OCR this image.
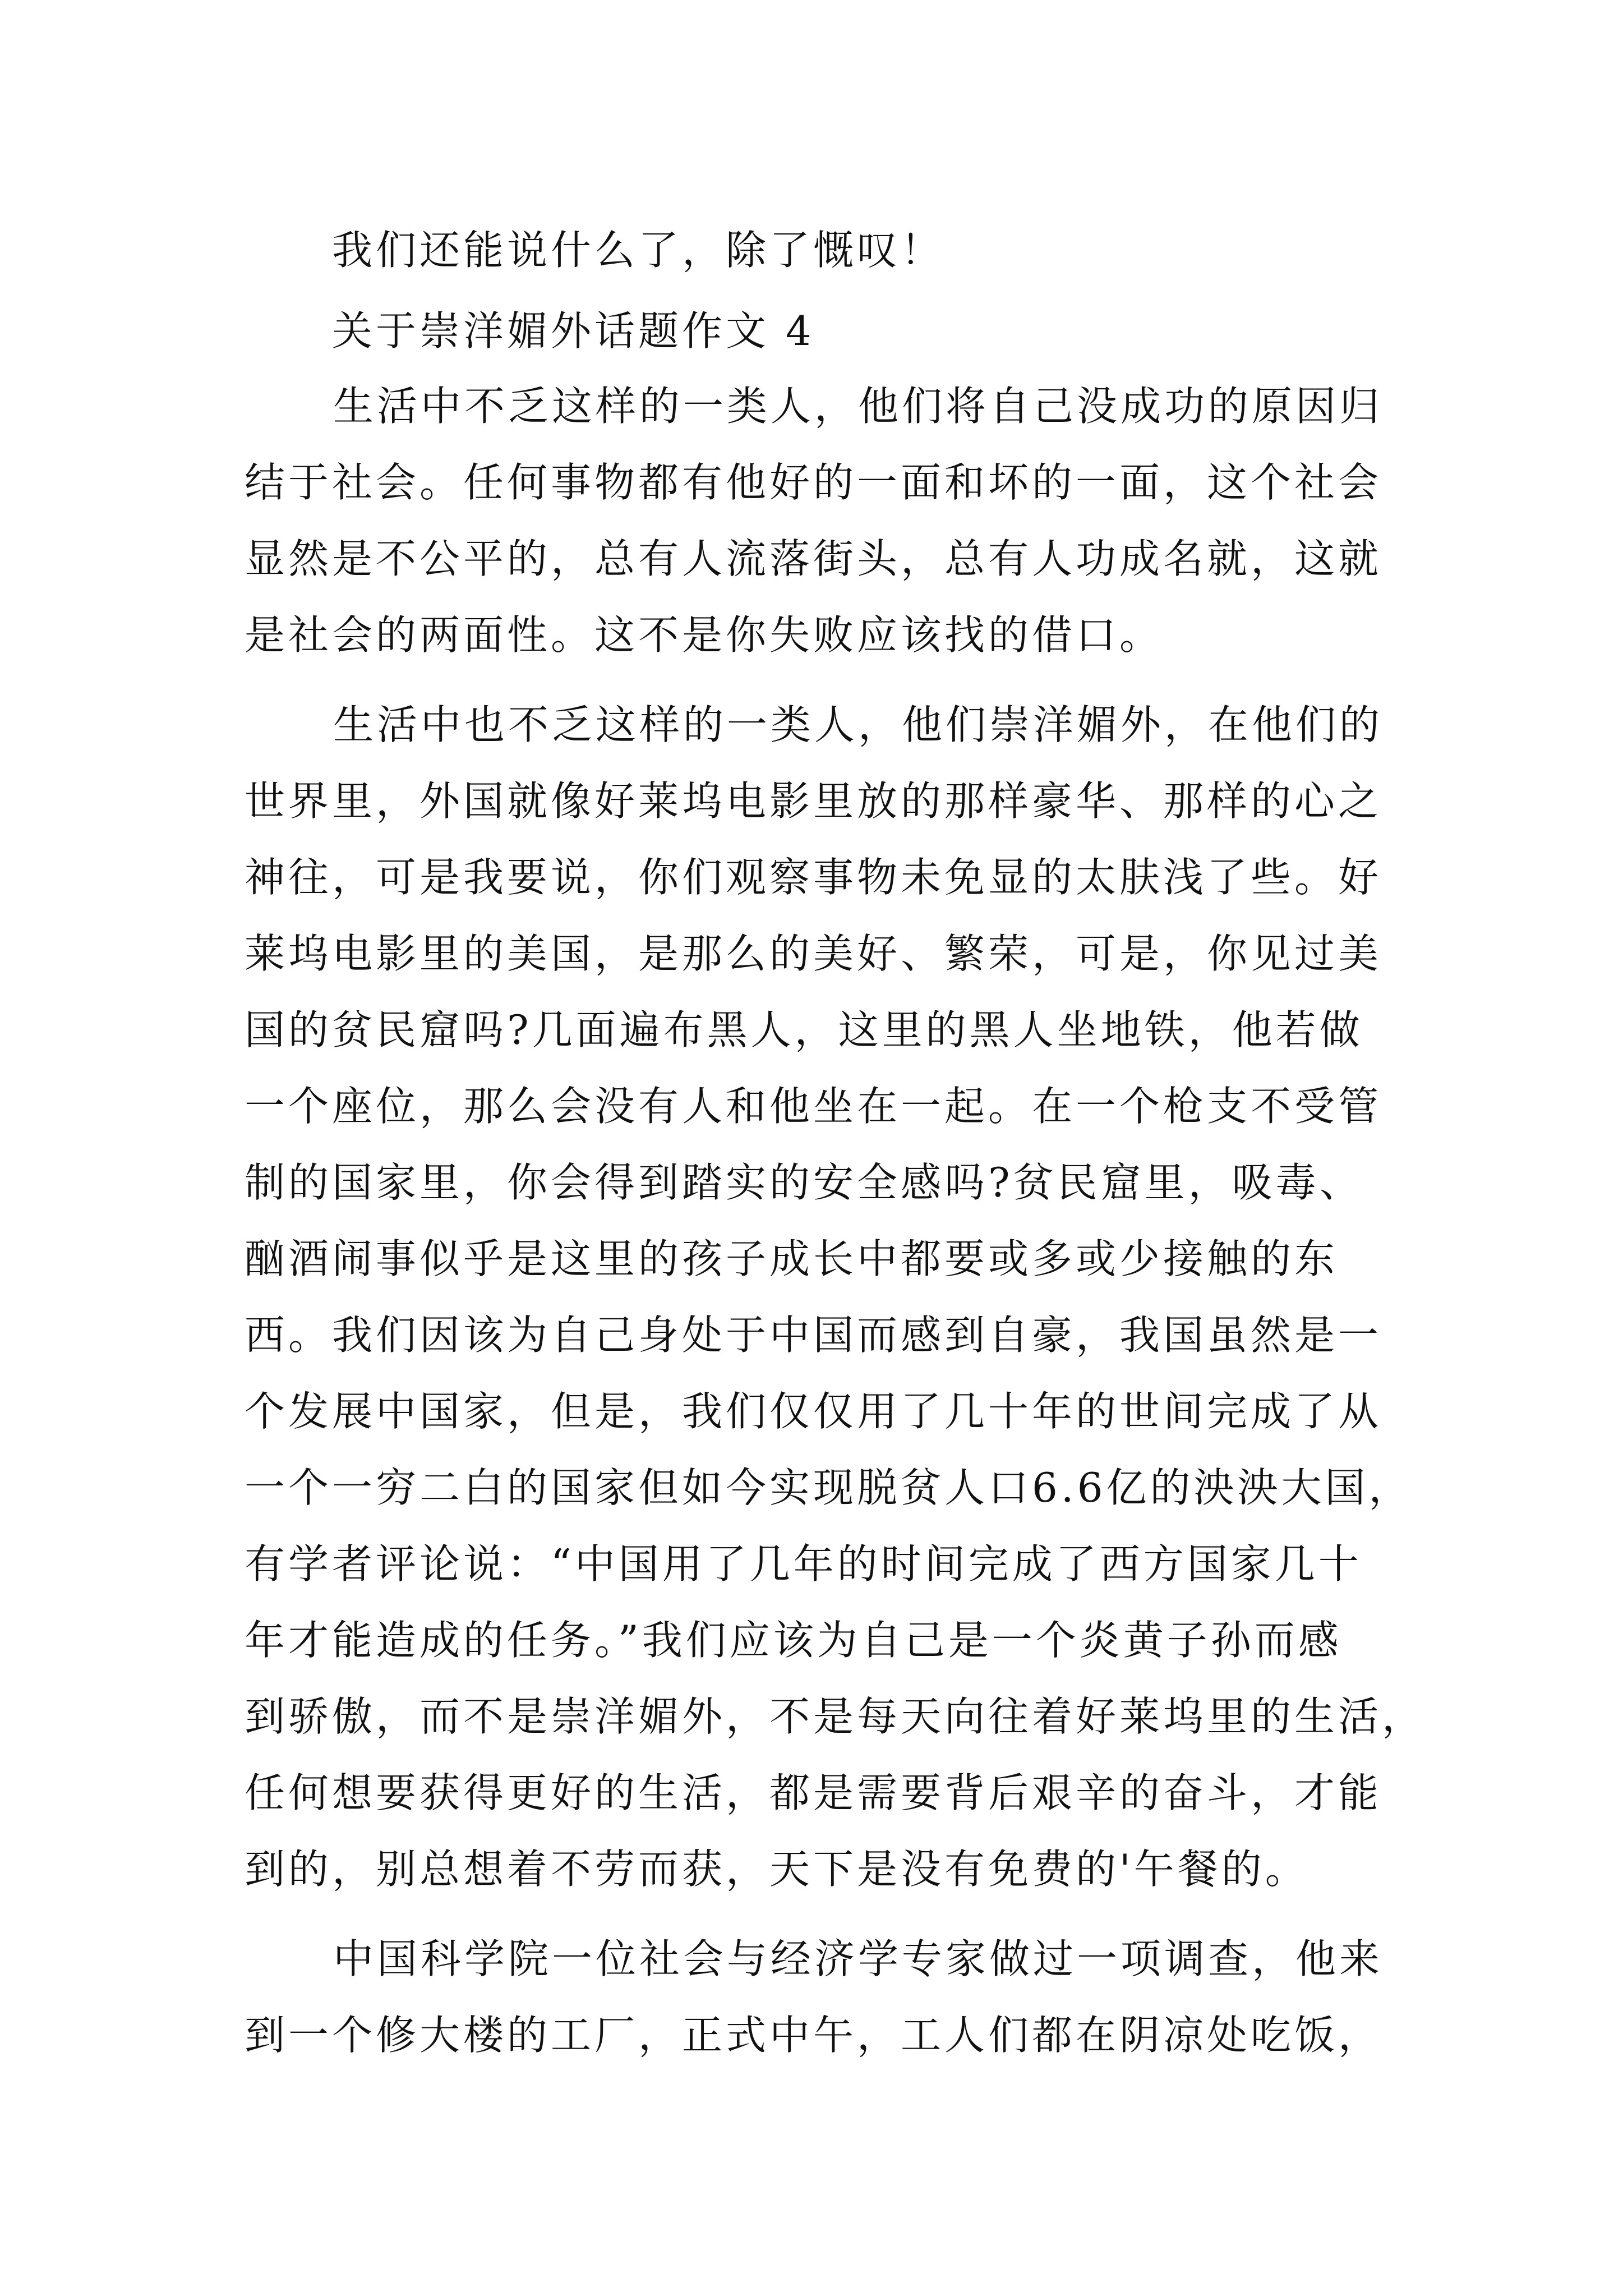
我们还能说什么了，除了慨叹！
关于崇洋媚外话题作文 4
生活中不乏这样的一类人，他们将自己没成功的原因归
结于社会。任何事物都有他好的一面和坏的一面，这个社会
显然是不公平的，总有人流落街头，总有人功成名就，这就
是社会的两面性。这不是你失败应该找的借口。
生活中也不乏这样的一类人，他们崇洋媚外，在他们的
世界里，外国就像好莱坞电影里放的那样豪华、那样的心之
神往，可是我要说，你们观察事物未免显的太肤浅了些。好
莱坞电影里的美国，是那么的美好、繁荣，可是，你见过美
国的贫民窟吗?几面遍布黑人，这里的黑人坐地铁，他若做
一个座位，那么会没有人和他坐在一起。在一个枪支不受管
制的国家里，你会得到踏实的安全感吗?贫民窟里，吸毒、
酗酒闹事似乎是这里的孩子成长中都要或多或少接触的东
西。我们因该为自己身处于中国而感到自豪，我国虽然是一
个发展中国家，但是，我们仅仅用了几十年的世间完成了从
一个一穷二白的国家但如今实现脱贫人口6.6亿的泱泱大国，
有学者评论说：“中国用了几年的时间完成了西方国家几十
年才能造成的任务。”我们应该为自己是一个炎黄子孙而感
到骄傲，而不是崇洋媚外，不是每天向往着好莱坞里的生活，
任何想要获得更好的生活，都是需要背后艰辛的奋斗，才能
到的，别总想着不劳而获，天下是没有免费的'午餐的。
中国科学院一位社会与经济学专家做过一项调查，他来
到一个修大楼的工厂，正式中午，工人们都在阴凉处吃饭，
